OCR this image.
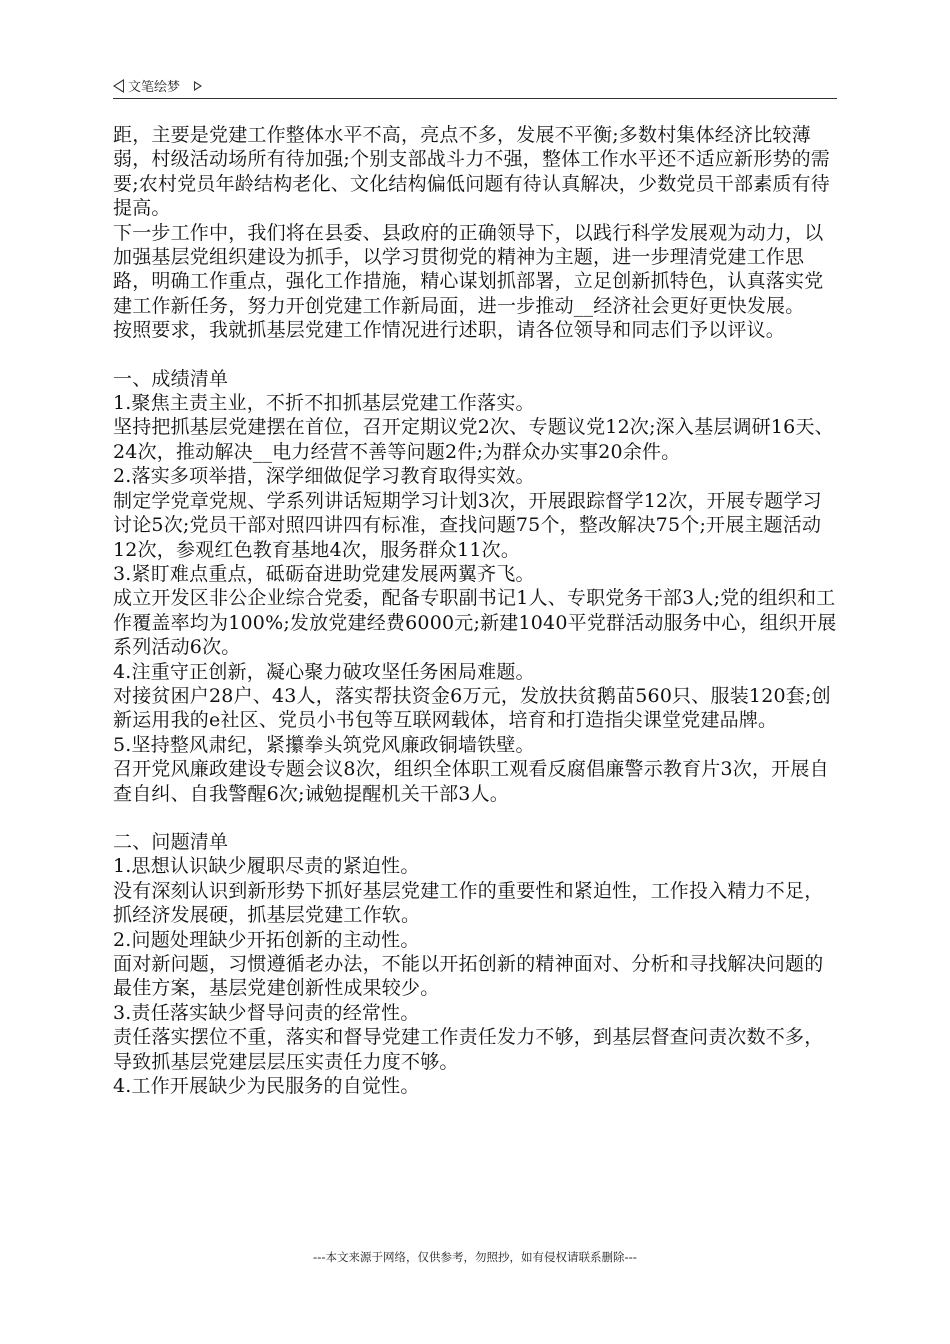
文笔绘梦

距，主要是党建工作整体水平不高，亮点不多，发展不平衡;多数村集体经济比较薄弱，村级活动场所有待加强;个别支部战斗力不强，整体工作水平还不适应新形势的需要;农村党员年龄结构老化、文化结构偏低问题有待认真解决，少数党员干部素质有待提高。

下一步工作中，我们将在县委、县政府的正确领导下，以践行科学发展观为动力，以加强基层党组织建设为抓手，以学习贯彻党的精神为主题，进一步理清党建工作思路，明确工作重点，强化工作措施，精心谋划抓部署，立足创新抓特色，认真落实党建工作新任务，努力开创党建工作新局面，进一步推动__经济社会更好更快发展。

按照要求，我就抓基层党建工作情况进行述职，请各位领导和同志们予以评议。

一、成绩清单

1.聚焦主责主业，不折不扣抓基层党建工作落实。

坚持把抓基层党建摆在首位，召开定期议党2次、专题议党12次;深入基层调研16天、24次，推动解决__电力经营不善等问题2件;为群众办实事20余件。

2.落实多项举措，深学细做促学习教育取得实效。

制定学党章党规、学系列讲话短期学习计划3次，开展跟踪督学12次，开展专题学习讨论5次;党员干部对照四讲四有标准，查找问题75个，整改解决75个;开展主题活动12次，参观红色教育基地4次，服务群众11次。

3.紧盯难点重点，砥砺奋进助党建发展两翼齐飞。

成立开发区非公企业综合党委，配备专职副书记1人、专职党务干部3人;党的组织和工作覆盖率均为100%;发放党建经费6000元;新建1040平党群活动服务中心，组织开展系列活动6次。

4.注重守正创新，凝心聚力破攻坚任务困局难题。

对接贫困户28户、43人，落实帮扶资金6万元，发放扶贫鹅苗560只、服装120套;创新运用我的e社区、党员小书包等互联网载体，培育和打造指尖课堂党建品牌。

5.坚持整风肃纪，紧攥拳头筑党风廉政铜墙铁壁。

召开党风廉政建设专题会议8次，组织全体职工观看反腐倡廉警示教育片3次，开展自查自纠、自我警醒6次;诫勉提醒机关干部3人。

二、问题清单

1.思想认识缺少履职尽责的紧迫性。

没有深刻认识到新形势下抓好基层党建工作的重要性和紧迫性，工作投入精力不足，抓经济发展硬，抓基层党建工作软。

2.问题处理缺少开拓创新的主动性。

面对新问题，习惯遵循老办法，不能以开拓创新的精神面对、分析和寻找解决问题的最佳方案，基层党建创新性成果较少。

3.责任落实缺少督导问责的经常性。

责任落实摆位不重，落实和督导党建工作责任发力不够，到基层督查问责次数不多，导致抓基层党建层层压实责任力度不够。

4.工作开展缺少为民服务的自觉性。

---本文来源于网络，仅供参考，勿照抄，如有侵权请联系删除---
